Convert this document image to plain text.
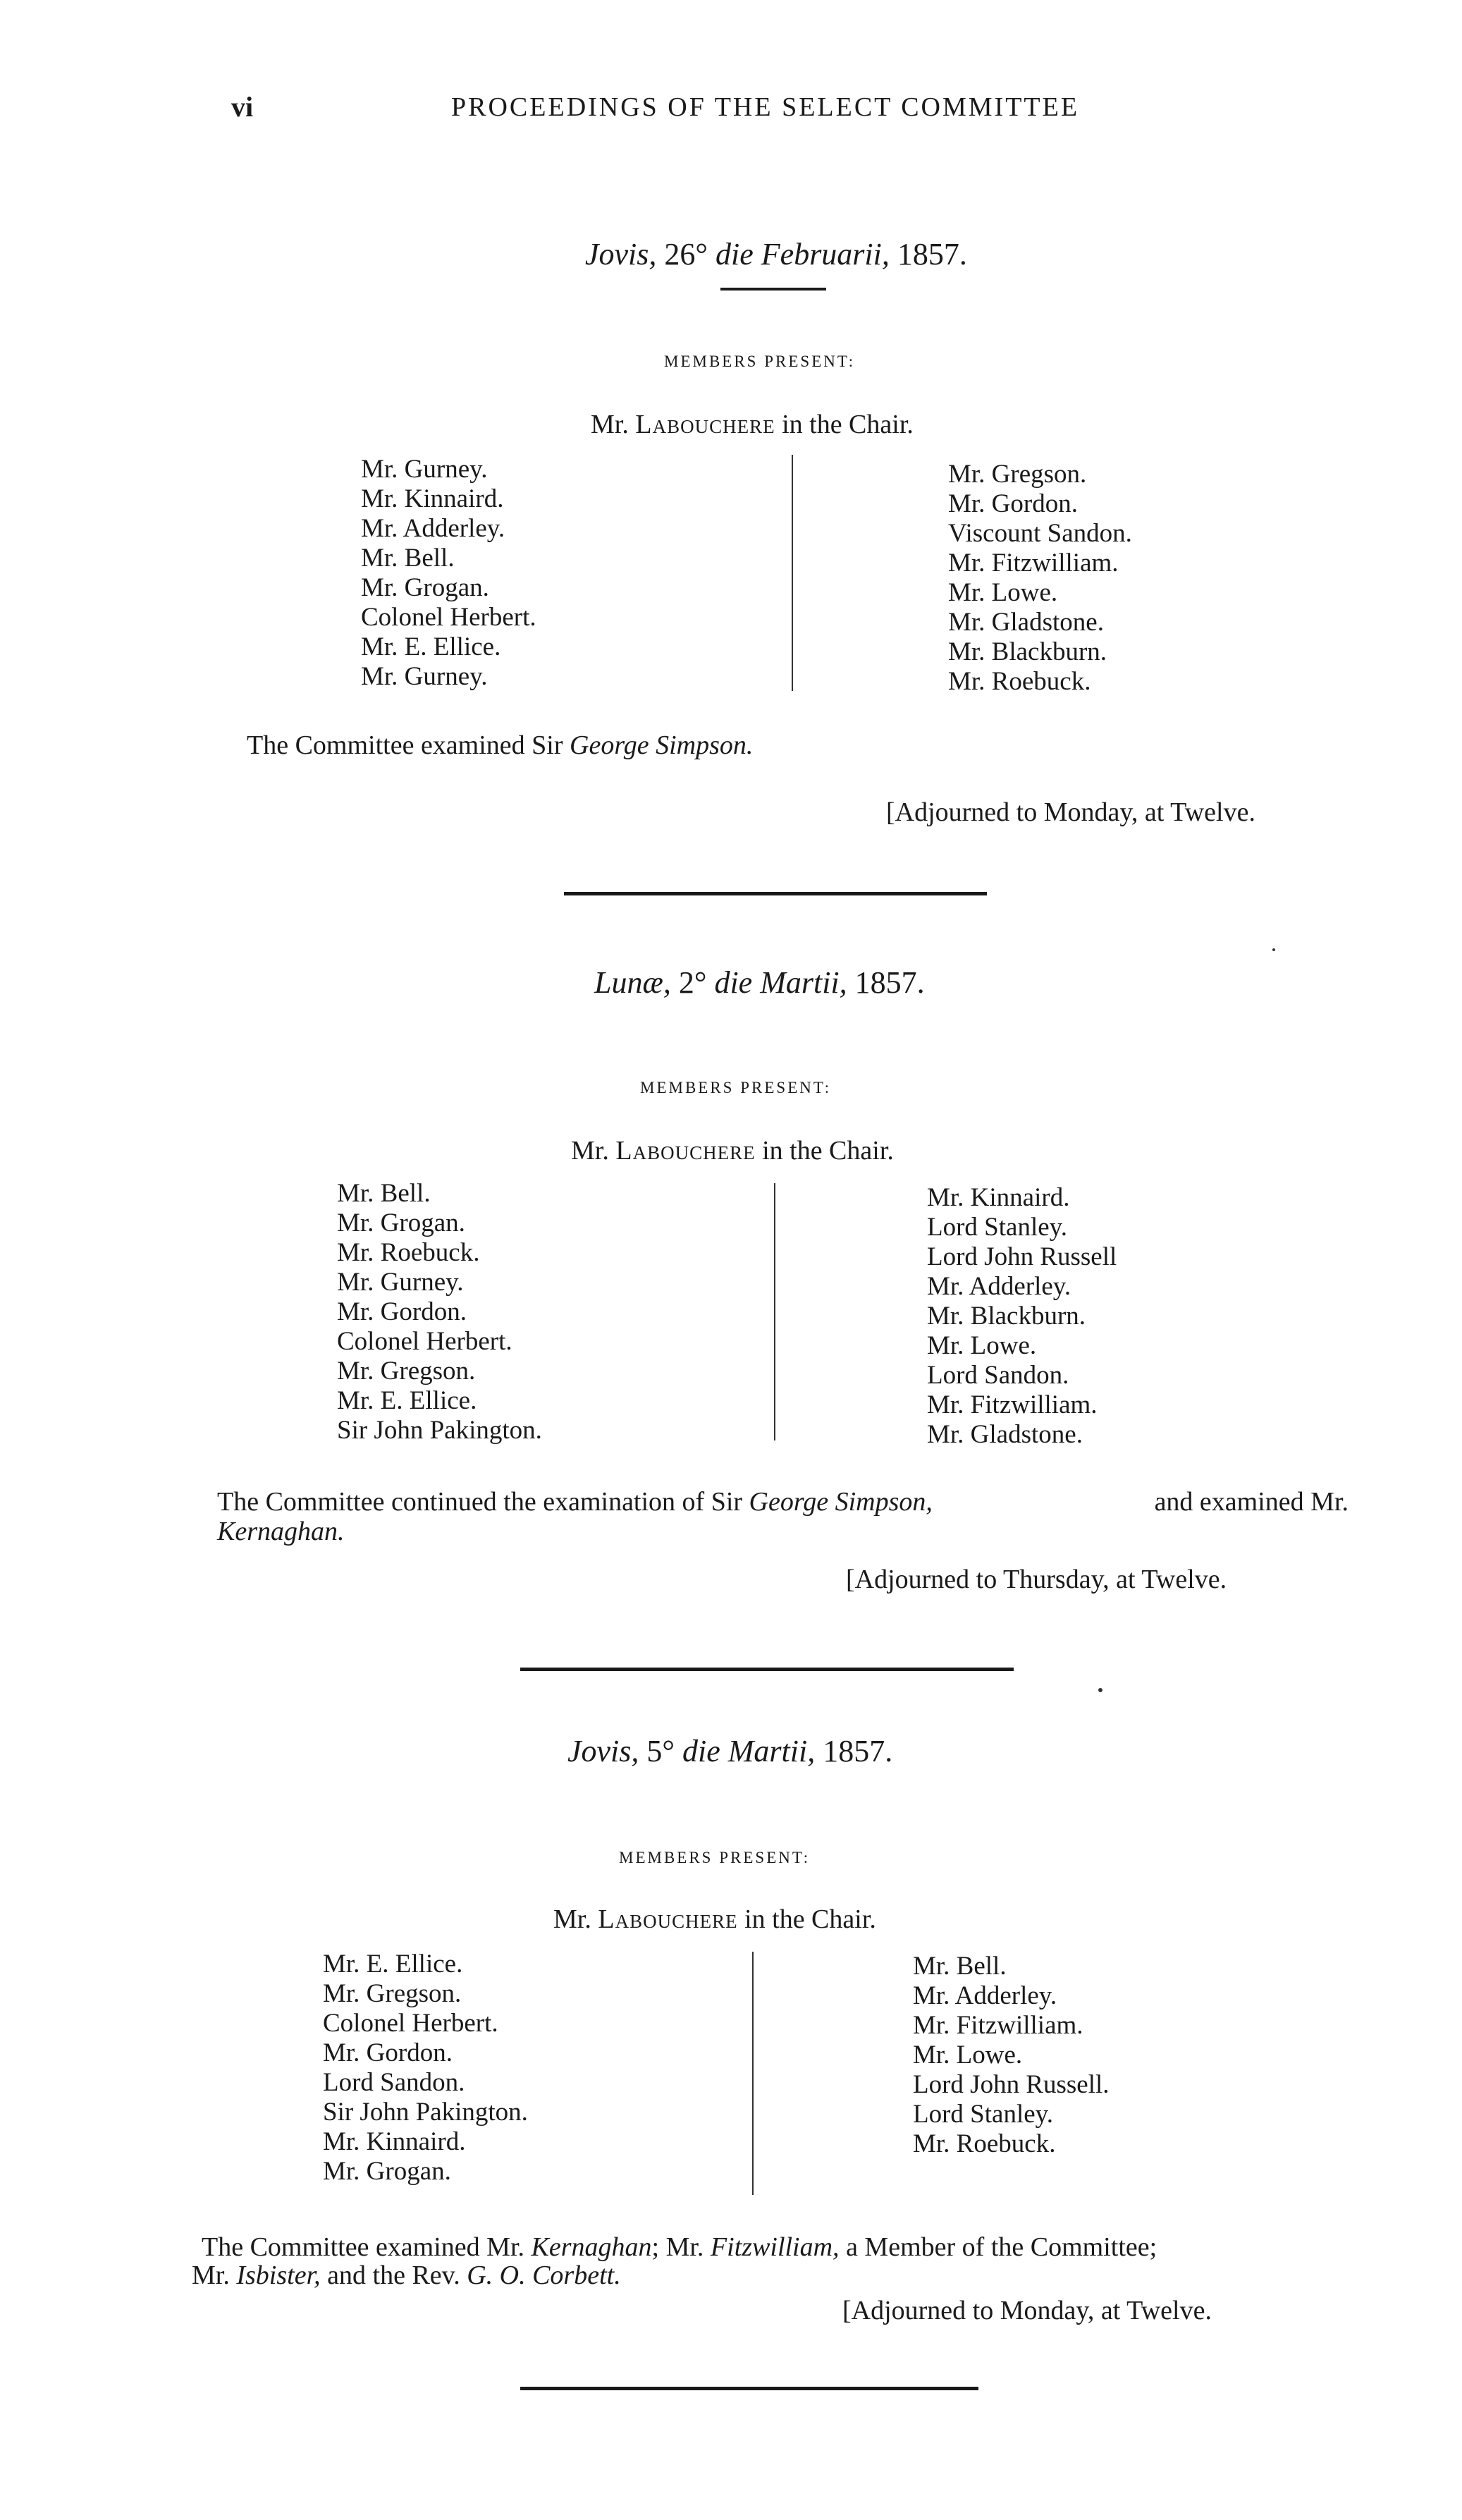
vi	PROCEEDINGS OF THE SELECT COMMITTEE
Jovis, 26° die Februarii, 1857.
MEMBERS PRESENT:
Mr. Labouchere in the Chair.
Mr. Gurney.
Mr. Kinnaird.
Mr. Adderley.
Mr. Bell.
Mr. Grogan.
Colonel Herbert.
Mr. E. Ellice.
Mr. Gurney.
Mr. Gregson.
Mr. Gordon.
Viscount Sandon.
Mr. Fitzwilliam.
Mr. Lowe.
Mr. Gladstone.
Mr. Blackburn.
Mr. Roebuck.
The Committee examined Sir George Simpson.
[Adjourned to Monday, at Twelve.
Lunæ, 2° die Martii, 1857.
MEMBERS PRESENT:
Mr. Labouchere in the Chair.
Mr. Bell.
Mr. Grogan.
Mr. Roebuck.
Mr. Gurney.
Mr. Gordon.
Colonel Herbert.
Mr. Gregson.
Mr. E. Ellice.
Sir John Pakington.
Mr. Kinnaird.
Lord Stanley.
Lord John Russell
Mr. Adderley.
Mr. Blackburn.
Mr. Lowe.
Lord Sandon.
Mr. Fitzwilliam.
Mr. Gladstone.
The Committee continued the examination of Sir George Simpson,	and examined Mr.
Kernaghan.
[Adjourned to Thursday, at Twelve.
Jovis, 5° die Martii, 1857.
MEMBERS PRESENT:
Mr. Labouchere in the Chair.
Mr. E. Ellice.
Mr. Gregson.
Colonel Herbert.
Mr. Gordon.
Lord Sandon.
Sir John Pakington.
Mr. Kinnaird.
Mr. Grogan.
Mr. Bell.
Mr. Adderley.
Mr. Fitzwilliam.
Mr. Lowe.
Lord John Russell.
Lord Stanley.
Mr. Roebuck.
The Committee examined Mr. Kernaghan; Mr. Fitzwilliam, a Member of the Committee;
Mr. Isbister, and the Rev. G. O. Corbett.
[Adjourned to Monday, at Twelve.
